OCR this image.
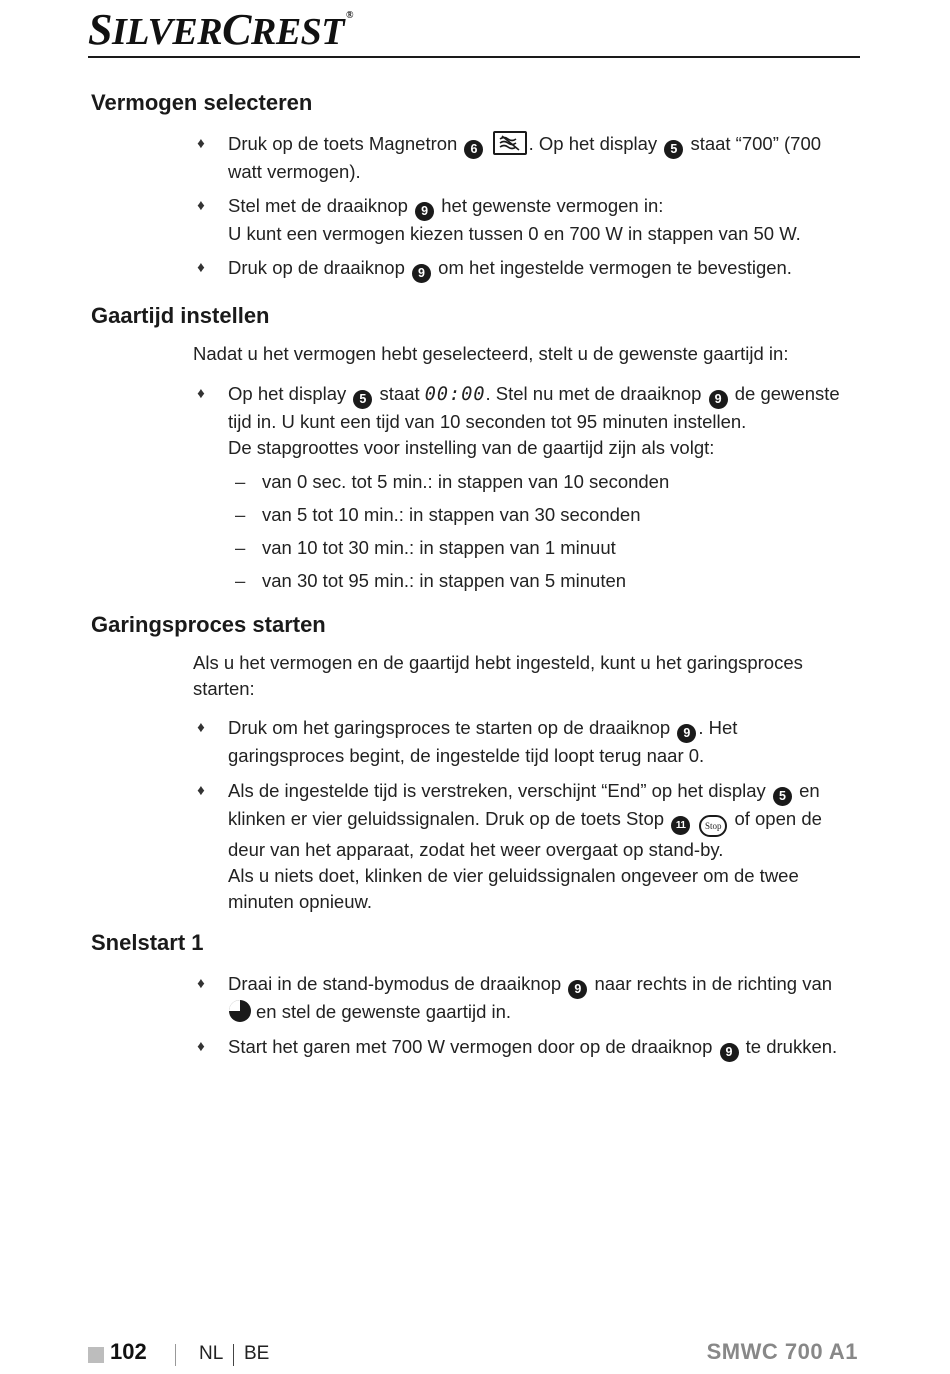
SILVERCREST ®
Vermogen selecteren
♦ Druk op de toets Magnetron 6	. Op het display 5 staat “700” (700 watt vermogen).
♦ Stel met de draaiknop 9 het gewenste vermogen in:
U kunt een vermogen kiezen tussen 0 en 700 W in stappen van 50 W.
♦ Druk op de draaiknop 9 om het ingestelde vermogen te bevestigen.
Gaartijd instellen
Nadat u het vermogen hebt geselecteerd, stelt u de gewenste gaartijd in:
♦ Op het display 5 staat 00:00. Stel nu met de draaiknop 9 de gewenste tijd in. U kunt een tijd van 10 seconden tot 95 minuten instellen.
De stapgroottes voor instelling van de gaartijd zijn als volgt:
– van 0 sec. tot 5 min.: in stappen van 10 seconden
– van 5 tot 10 min.: in stappen van 30 seconden
– van 10 tot 30 min.: in stappen van 1 minuut
– van 30 tot 95 min.: in stappen van 5 minuten
Garingsproces starten
Als u het vermogen en de gaartijd hebt ingesteld, kunt u het garingsproces starten:
♦ Druk om het garingsproces te starten op de draaiknop 9 . Het garingsproces begint, de ingestelde tijd loopt terug naar 0.
♦ Als de ingestelde tijd is verstreken, verschijnt “End” op het display 5 en klinken er vier geluidssignalen. Druk op de toets Stop 11 Stop of open de deur van het apparaat, zodat het weer overgaat op stand-by.
Als u niets doet, klinken de vier geluidssignalen ongeveer om de twee minuten opnieuw.
Snelstart 1
♦ Draai in de stand-bymodus de draaiknop 9 naar rechts in de richting van en stel de gewenste gaartijd in.
♦ Start het garen met 700 W vermogen door op de draaiknop 9 te drukken.
102	NL BE	SMWC 700 A1
